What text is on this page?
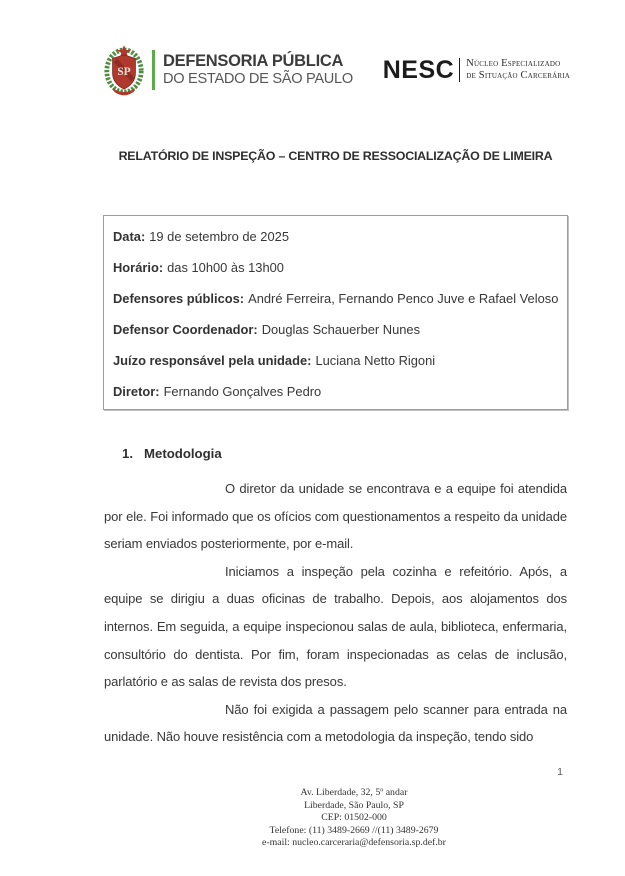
SP
DEFENSORIA PÚBLICA
DO ESTADO DE SÃO PAULO NESC Núcleo Especializado
de Situação Carcerária
RELATÓRIO DE INSPEÇÃO – CENTRO DE RESSOCIALIZAÇÃO DE LIMEIRA
Data: 19 de setembro de 2025
Horário: das 10h00 às 13h00
Defensores públicos: André Ferreira, Fernando Penco Juve e Rafael Veloso
Defensor Coordenador: Douglas Schauerber Nunes
Juízo responsável pela unidade: Luciana Netto Rigoni
Diretor: Fernando Gonçalves Pedro
1. Metodologia

O diretor da unidade se encontrava e a equipe foi atendida por ele. Foi informado que os ofícios com questionamentos a respeito da unidade seriam enviados posteriormente, por e-mail.

Iniciamos a inspeção pela cozinha e refeitório. Após, a equipe se dirigiu a duas oficinas de trabalho. Depois, aos alojamentos dos internos. Em seguida, a equipe inspecionou salas de aula, biblioteca, enfermaria, consultório do dentista. Por fim, foram inspecionadas as celas de inclusão, parlatório e as salas de revista dos presos.

Não foi exigida a passagem pelo scanner para entrada na unidade. Não houve resistência com a metodologia da inspeção, tendo sido

1
Av. Liberdade, 32, 5º andar
Liberdade, São Paulo, SP
CEP: 01502-000
Telefone: (11) 3489-2669 //(11) 3489-2679
e-mail: nucleo.carceraria@defensoria.sp.def.br
